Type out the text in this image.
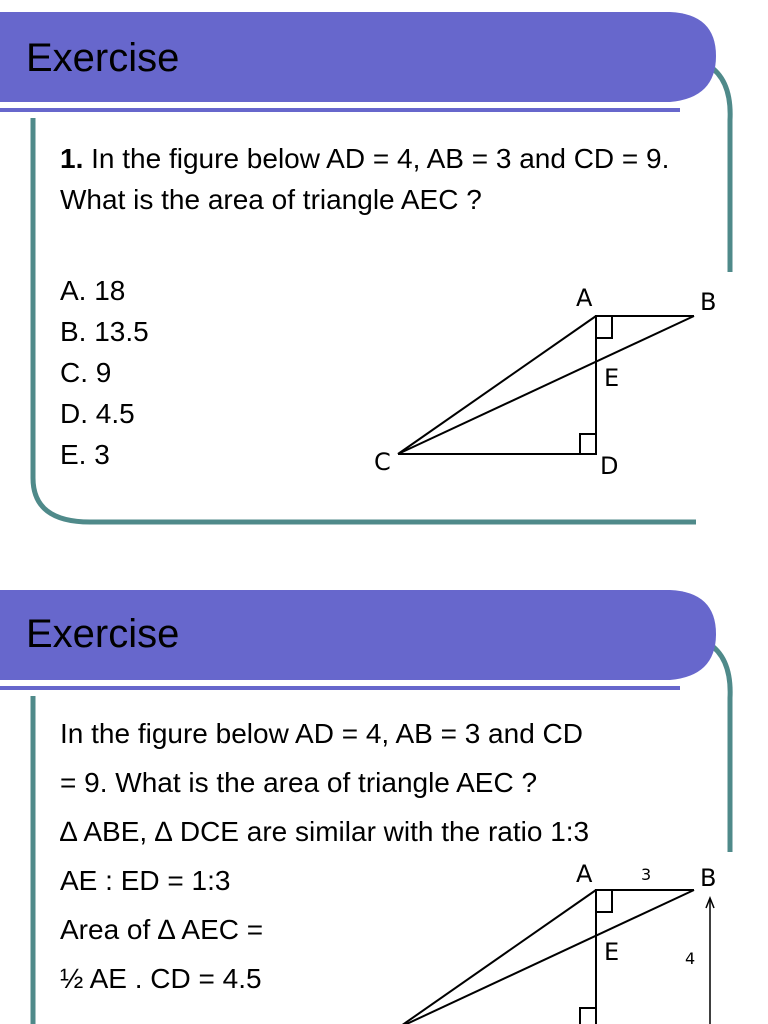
Exercise

1. In the figure below AD = 4, AB = 3 and CD = 9. What is the area of triangle AEC ?

A. 18
B. 13.5
C. 9
D. 4.5
E. 3
A	B
C	D
E
Exercise
In the figure below AD = 4, AB = 3 and CD
= 9. What is the area of triangle AEC ?
∆ ABE, ∆ DCE are similar with the ratio 1:3
AE : ED = 1:3
Area of ∆ AEC =
½ AE . CD = 4.5
A	B
E
3
4
